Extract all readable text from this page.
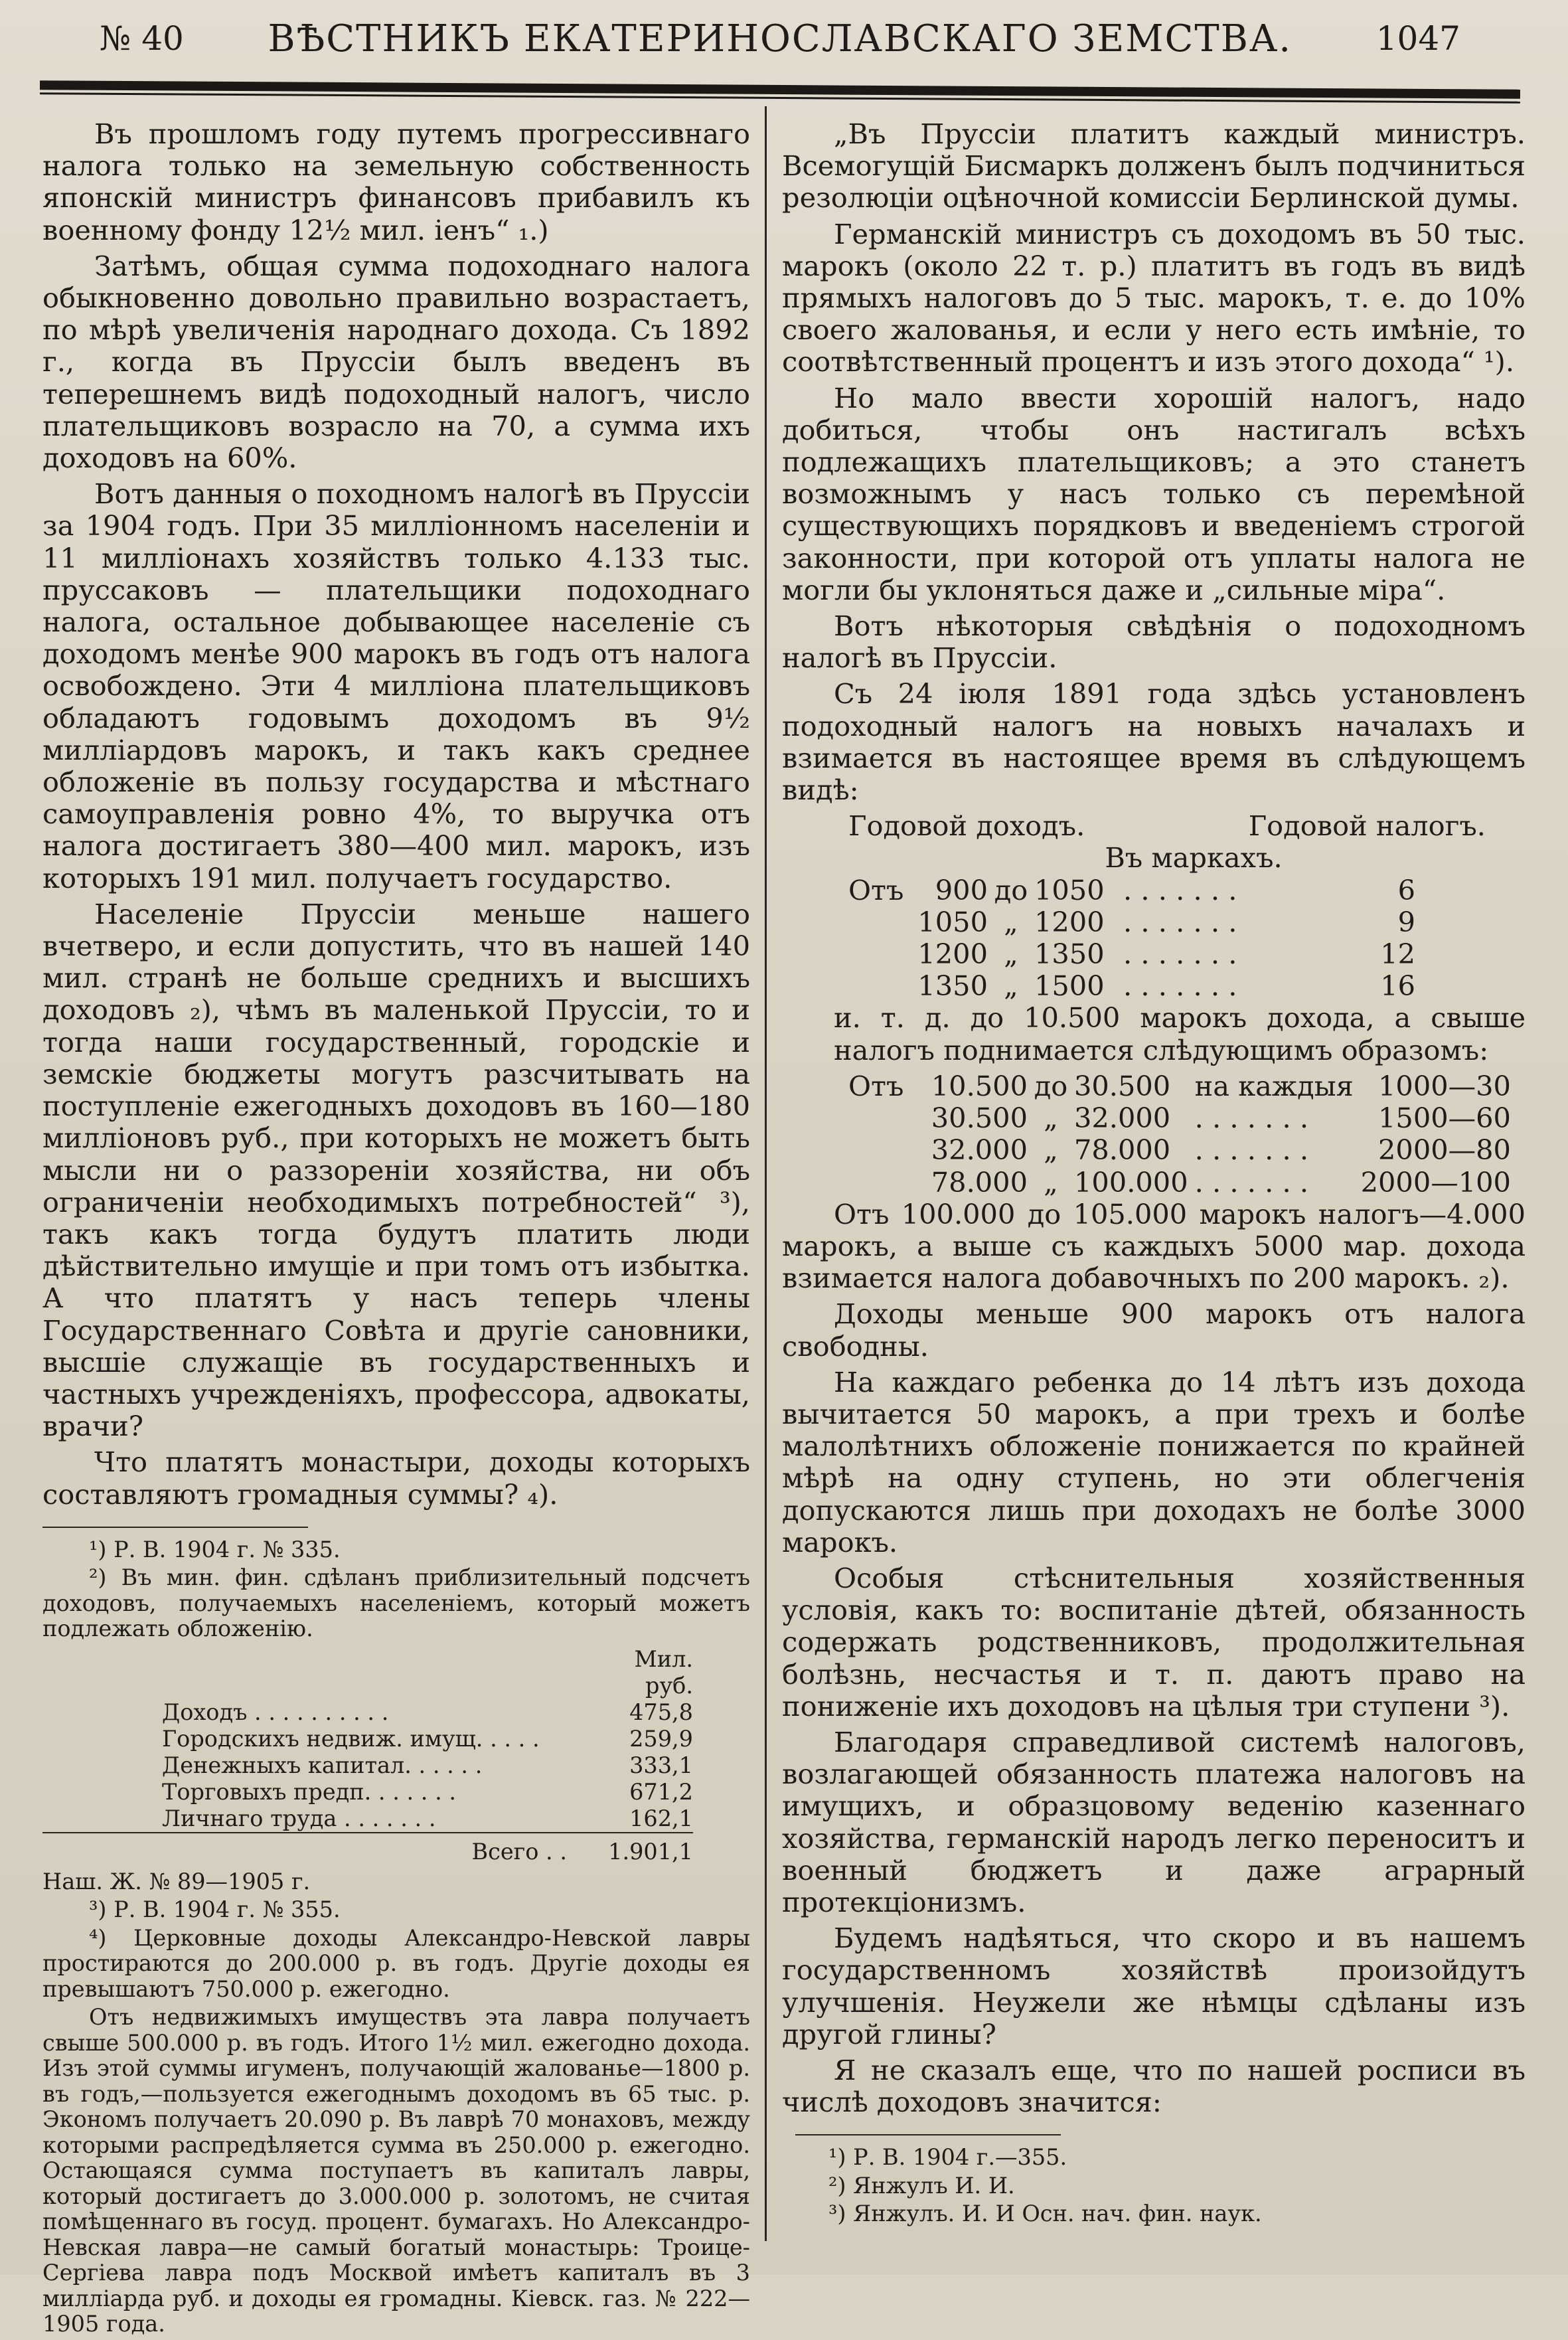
№ 40 ВѢСТНИКЪ ЕКАТЕРИНОСЛАВСКАГО ЗЕМСТВА.	1047

Въ прошломъ году путемъ прогрессивнаго налога только на земельную собственность японскій министръ финансовъ прибавилъ къ военному фонду 12½ мил. іенъ“ ₁.)

Затѣмъ, общая сумма подоходнаго налога обыкновенно довольно правильно возрастаетъ, по мѣрѣ увеличенія народнаго дохода. Съ 1892 г., когда въ Пруссіи былъ введенъ въ теперешнемъ видѣ подоходный налогъ, число плательщиковъ возрасло на 70, а сумма ихъ доходовъ на 60%.

Вотъ данныя о походномъ налогѣ въ Пруссіи за 1904 годъ. При 35 милліонномъ населеніи и 11 милліонахъ хозяйствъ только 4.133 тыс. пруссаковъ — плательщики подоходнаго налога, остальное добывающее населеніе съ доходомъ менѣе 900 марокъ въ годъ отъ налога освобождено. Эти 4 милліона плательщиковъ обладаютъ годовымъ доходомъ въ 9½ милліардовъ марокъ, и такъ какъ среднее обложеніе въ пользу государства и мѣстнаго самоуправленія ровно 4%, то выручка отъ налога достигаетъ 380—400 мил. марокъ, изъ которыхъ 191 мил. получаетъ государство.

Населеніе Пруссіи меньше нашего вчетверо, и если допустить, что въ нашей 140 мил. странѣ не больше среднихъ и высшихъ доходовъ ₂), чѣмъ въ маленькой Пруссіи, то и тогда наши государственный, городскіе и земскіе бюджеты могутъ разсчитывать на поступленіе ежегодныхъ доходовъ въ 160—180 милліоновъ руб., при которыхъ не можетъ быть мысли ни о раззореніи хозяйства, ни объ ограниченіи необходимыхъ потребностей“ ³), такъ какъ тогда будутъ платить люди дѣйствительно имущіе и при томъ отъ избытка. А что платятъ у насъ теперь члены Государственнаго Совѣта и другіе сановники, высшіе служащіе въ государственныхъ и частныхъ учрежденіяхъ, профессора, адвокаты, врачи?

Что платятъ монастыри, доходы которыхъ составляютъ громадныя суммы? ₄).

¹) Р. В. 1904 г. № 335.

²) Въ мин. фин. сдѣланъ приблизительный подсчетъ доходовъ, получаемыхъ населеніемъ, который можетъ подлежать обложенію.

	Мил. руб.
Доходъ . . . . . . . . . .	475,8
Городскихъ недвиж. имущ. . . . .	259,9
Денежныхъ капитал. . . . . .	333,1
Торговыхъ предп. . . . . . .	671,2
Личнаго труда . . . . . . .	162,1
Всего . .	1.901,1

Наш. Ж. № 89—1905 г.

³) Р. В. 1904 г. № 355.

⁴) Церковные доходы Александро-Невской лавры простираются до 200.000 р. въ годъ. Другіе доходы ея превышаютъ 750.000 р. ежегодно.

Отъ недвижимыхъ имуществъ эта лавра получаетъ свыше 500.000 р. въ годъ. Итого 1½ мил. ежегодно дохода. Изъ этой суммы игуменъ, получающій жалованье—1800 р. въ годъ,—пользуется ежегоднымъ доходомъ въ 65 тыс. р. Экономъ получаетъ 20.090 р. Въ лаврѣ 70 монаховъ, между которыми распредѣляется сумма въ 250.000 р. ежегодно. Остающаяся сумма поступаетъ въ капиталъ лавры, который достигаетъ до 3.000.000 р. золотомъ, не считая помѣщеннаго въ госуд. процент. бумагахъ. Но Александро-Невская лавра—не самый богатый монастырь: Троице-Сергіева лавра подъ Москвой имѣетъ капиталъ въ 3 милліарда руб. и доходы ея громадны. Кіевск. газ. № 222—1905 года.

„Въ Пруссіи платитъ каждый министръ. Всемогущій Бисмаркъ долженъ былъ подчиниться резолюціи оцѣночной комиссіи Берлинской думы.

Германскій министръ съ доходомъ въ 50 тыс. марокъ (около 22 т. р.) платитъ въ годъ въ видѣ прямыхъ налоговъ до 5 тыс. марокъ, т. е. до 10% своего жалованья, и если у него есть имѣніе, то соотвѣтственный процентъ и изъ этого дохода“ ¹).

Но мало ввести хорошій налогъ, надо добиться, чтобы онъ настигалъ всѣхъ подлежащихъ плательщиковъ; а это станетъ возможнымъ у насъ только съ перемѣной существующихъ порядковъ и введеніемъ строгой законности, при которой отъ уплаты налога не могли бы уклоняться даже и „сильные міра“.

Вотъ нѣкоторыя свѣдѣнія о подоходномъ налогѣ въ Пруссіи.

Съ 24 іюля 1891 года здѣсь установленъ подоходный налогъ на новыхъ началахъ и взимается въ настоящее время въ слѣдующемъ видѣ:

Годовой доходъ.	Годовой налогъ.
Въ маркахъ.
Отъ	900	до	1050	. . . . . . .	6
	1050	„	1200	. . . . . . .	9
	1200	„	1350	. . . . . . .	12
	1350	„	1500	. . . . . . .	16

и. т. д. до 10.500 марокъ дохода, а свыше налогъ поднимается слѣдующимъ образомъ:

Отъ	10.500	до	30.500	на каждыя	1000—30
	30.500	„	32.000	. . . . . . .	1500—60
	32.000	„	78.000	. . . . . . .	2000—80
	78.000	„	100.000	. . . . . . .	2000—100

Отъ 100.000 до 105.000 марокъ налогъ—4.000 марокъ, а выше съ каждыхъ 5000 мар. дохода взимается налога добавочныхъ по 200 марокъ. ₂).

Доходы меньше 900 марокъ отъ налога свободны.

На каждаго ребенка до 14 лѣтъ изъ дохода вычитается 50 марокъ, а при трехъ и болѣе малолѣтнихъ обложеніе понижается по крайней мѣрѣ на одну ступень, но эти облегченія допускаются лишь при доходахъ не болѣе 3000 марокъ.

Особыя стѣснительныя хозяйственныя условія, какъ то: воспитаніе дѣтей, обязанность содержать родственниковъ, продолжительная болѣзнь, несчастья и т. п. даютъ право на пониженіе ихъ доходовъ на цѣлыя три ступени ³).

Благодаря справедливой системѣ налоговъ, возлагающей обязанность платежа налоговъ на имущихъ, и образцовому веденію казеннаго хозяйства, германскій народъ легко переноситъ и военный бюджетъ и даже аграрный протекціонизмъ.

Будемъ надѣяться, что скоро и въ нашемъ государственномъ хозяйствѣ произойдутъ улучшенія. Неужели же нѣмцы сдѣланы изъ другой глины?

Я не сказалъ еще, что по нашей росписи въ числѣ доходовъ значится:

¹) Р. В. 1904 г.—355.

²) Янжулъ И. И.

³) Янжулъ. И. И Осн. нач. фин. наук.
